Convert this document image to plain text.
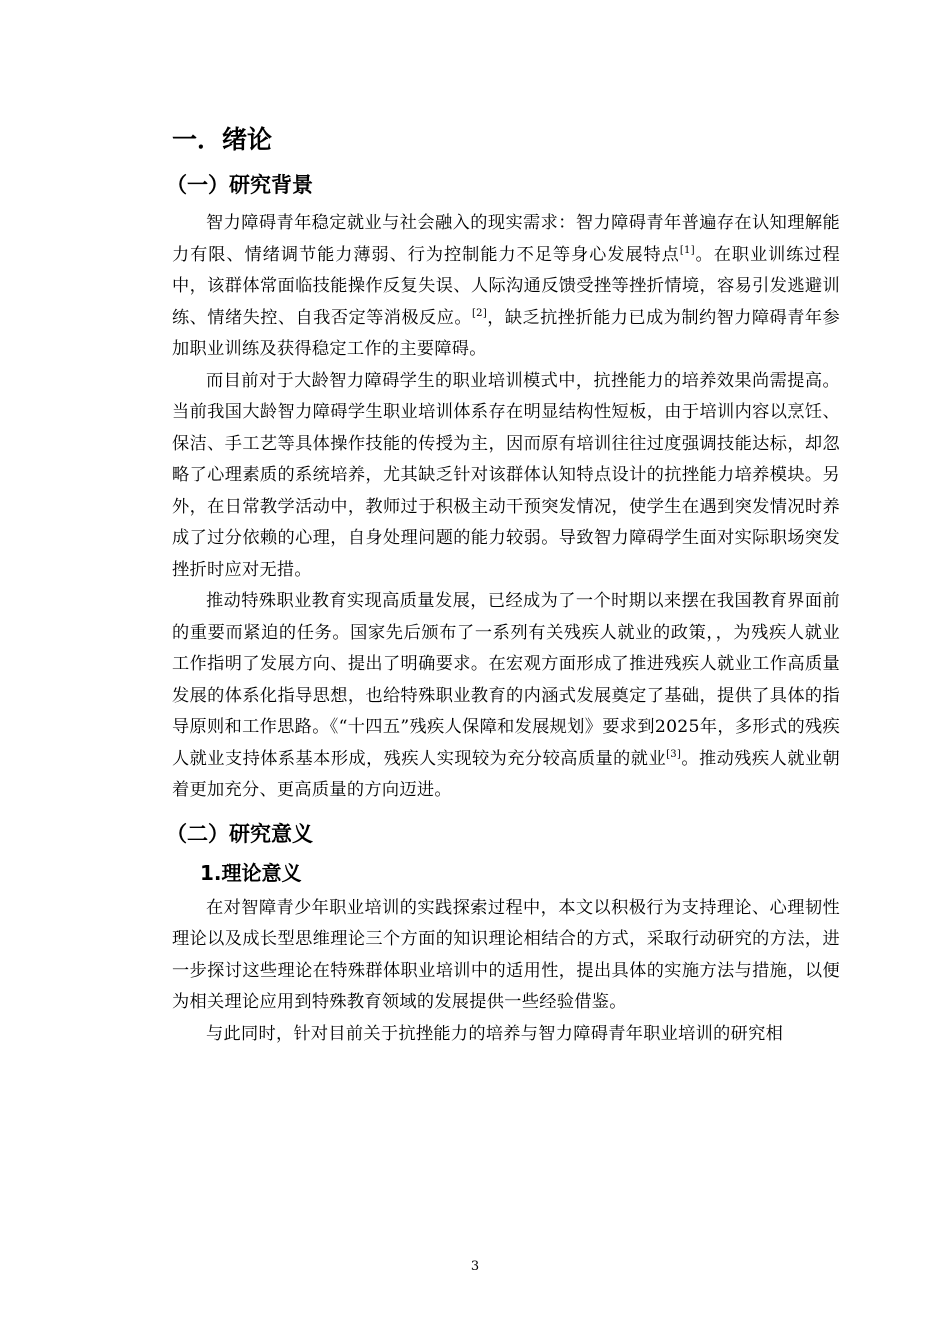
一．绪论
（一）研究背景

智力障碍青年稳定就业与社会融入的现实需求：智力障碍青年普遍存在认知理解能力有限、情绪调节能力薄弱、行为控制能力不足等身心发展特点[1]。在职业训练过程中，该群体常面临技能操作反复失误、人际沟通反馈受挫等挫折情境，容易引发逃避训练、情绪失控、自我否定等消极反应。[2]，缺乏抗挫折能力已成为制约智力障碍青年参加职业训练及获得稳定工作的主要障碍。

而目前对于大龄智力障碍学生的职业培训模式中，抗挫能力的培养效果尚需提高。当前我国大龄智力障碍学生职业培训体系存在明显结构性短板，由于培训内容以烹饪、保洁、手工艺等具体操作技能的传授为主，因而原有培训往往过度强调技能达标，却忽略了心理素质的系统培养，尤其缺乏针对该群体认知特点设计的抗挫能力培养模块。另外，在日常教学活动中，教师过于积极主动干预突发情况，使学生在遇到突发情况时养成了过分依赖的心理，自身处理问题的能力较弱。导致智力障碍学生面对实际职场突发挫折时应对无措。

推动特殊职业教育实现高质量发展，已经成为了一个时期以来摆在我国教育界面前的重要而紧迫的任务。国家先后颁布了一系列有关残疾人就业的政策，，为残疾人就业工作指明了发展方向、提出了明确要求。在宏观方面形成了推进残疾人就业工作高质量发展的体系化指导思想，也给特殊职业教育的内涵式发展奠定了基础，提供了具体的指导原则和工作思路。《“十四五”残疾人保障和发展规划》要求到2025年，多形式的残疾人就业支持体系基本形成，残疾人实现较为充分较高质量的就业[3]。推动残疾人就业朝着更加充分、更高质量的方向迈进。

（二）研究意义
1.理论意义

在对智障青少年职业培训的实践探索过程中，本文以积极行为支持理论、心理韧性理论以及成长型思维理论三个方面的知识理论相结合的方式，采取行动研究的方法，进一步探讨这些理论在特殊群体职业培训中的适用性，提出具体的实施方法与措施，以便为相关理论应用到特殊教育领域的发展提供一些经验借鉴。

与此同时，针对目前关于抗挫能力的培养与智力障碍青年职业培训的研究相

3
